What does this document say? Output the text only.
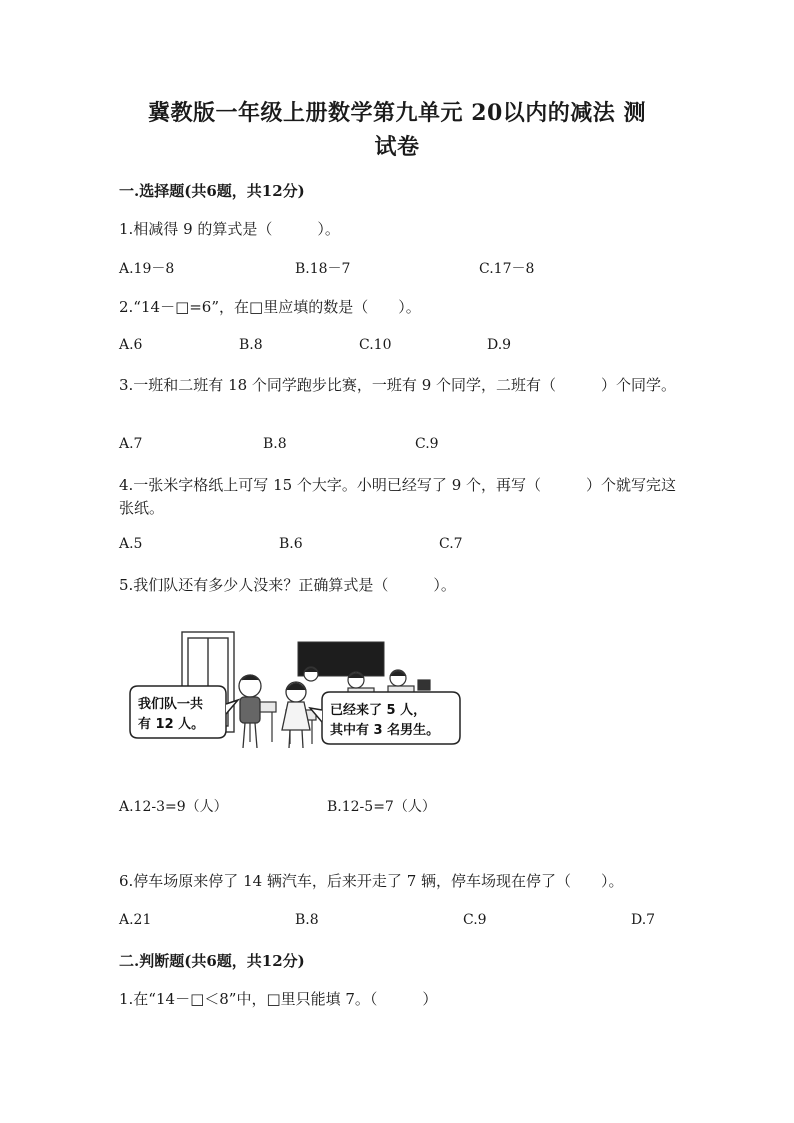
冀教版一年级上册数学第九单元 20以内的减法 测
试卷
一.选择题(共6题，共12分)
1.相减得 9 的算式是（　　　）。
A.19－8	B.18－7	C.17－8
2.“14－□=6”，在□里应填的数是（　　）。
A.6	B.8	C.10	D.9
3.一班和二班有 18 个同学跑步比赛，一班有 9 个同学，二班有（　　　）个同学。
A.7	B.8	C.9
4.一张米字格纸上可写 15 个大字。小明已经写了 9 个，再写（　　　）个就写完这张纸。
A.5	B.6	C.7
5.我们队还有多少人没来？正确算式是（　　　）。
我们队一共
有 12 人。
已经来了 5 人，
其中有 3 名男生。
A.12-3=9（人）	B.12-5=7（人）
6.停车场原来停了 14 辆汽车，后来开走了 7 辆，停车场现在停了（　　）。
A.21	B.8	C.9	D.7
二.判断题(共6题，共12分)
1.在“14－□＜8”中，□里只能填 7。（　　　）
